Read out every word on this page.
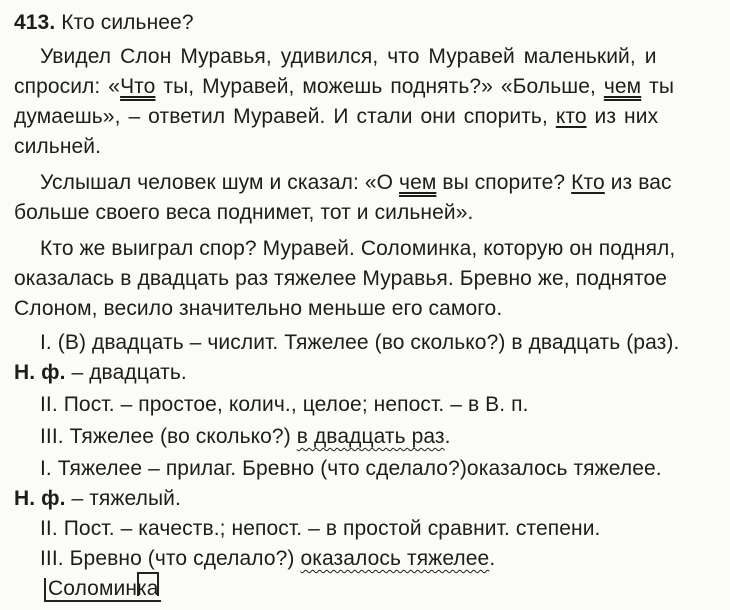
413. Кто сильнее?
Увидел Слон Муравья, удивился, что Муравей маленький, и
спросил: «Что ты, Муравей, можешь поднять?» «Больше, чем ты
думаешь», – ответил Муравей. И стали они спорить, кто из них
сильней.
Услышал человек шум и сказал: «О чем вы спорите? Кто из вас
больше своего веса поднимет, тот и сильней».
Кто же выиграл спор? Муравей. Соломинка, которую он поднял,
оказалась в двадцать раз тяжелее Муравья. Бревно же, поднятое
Слоном, весило значительно меньше его самого.
I. (В) двадцать – числит. Тяжелее (во сколько?) в двадцать (раз).
Н. ф. – двадцать.
II. Пост. – простое, колич., целое; непост. – в В. п.
III. Тяжелее (во сколько?) в двадцать раз.
I. Тяжелее – прилаг. Бревно (что сделало?)оказалось тяжелее.
Н. ф. – тяжелый.
II. Пост. – качеств.; непост. – в простой сравнит. степени.
III. Бревно (что сделало?) оказалось тяжелее.
Соломинка
